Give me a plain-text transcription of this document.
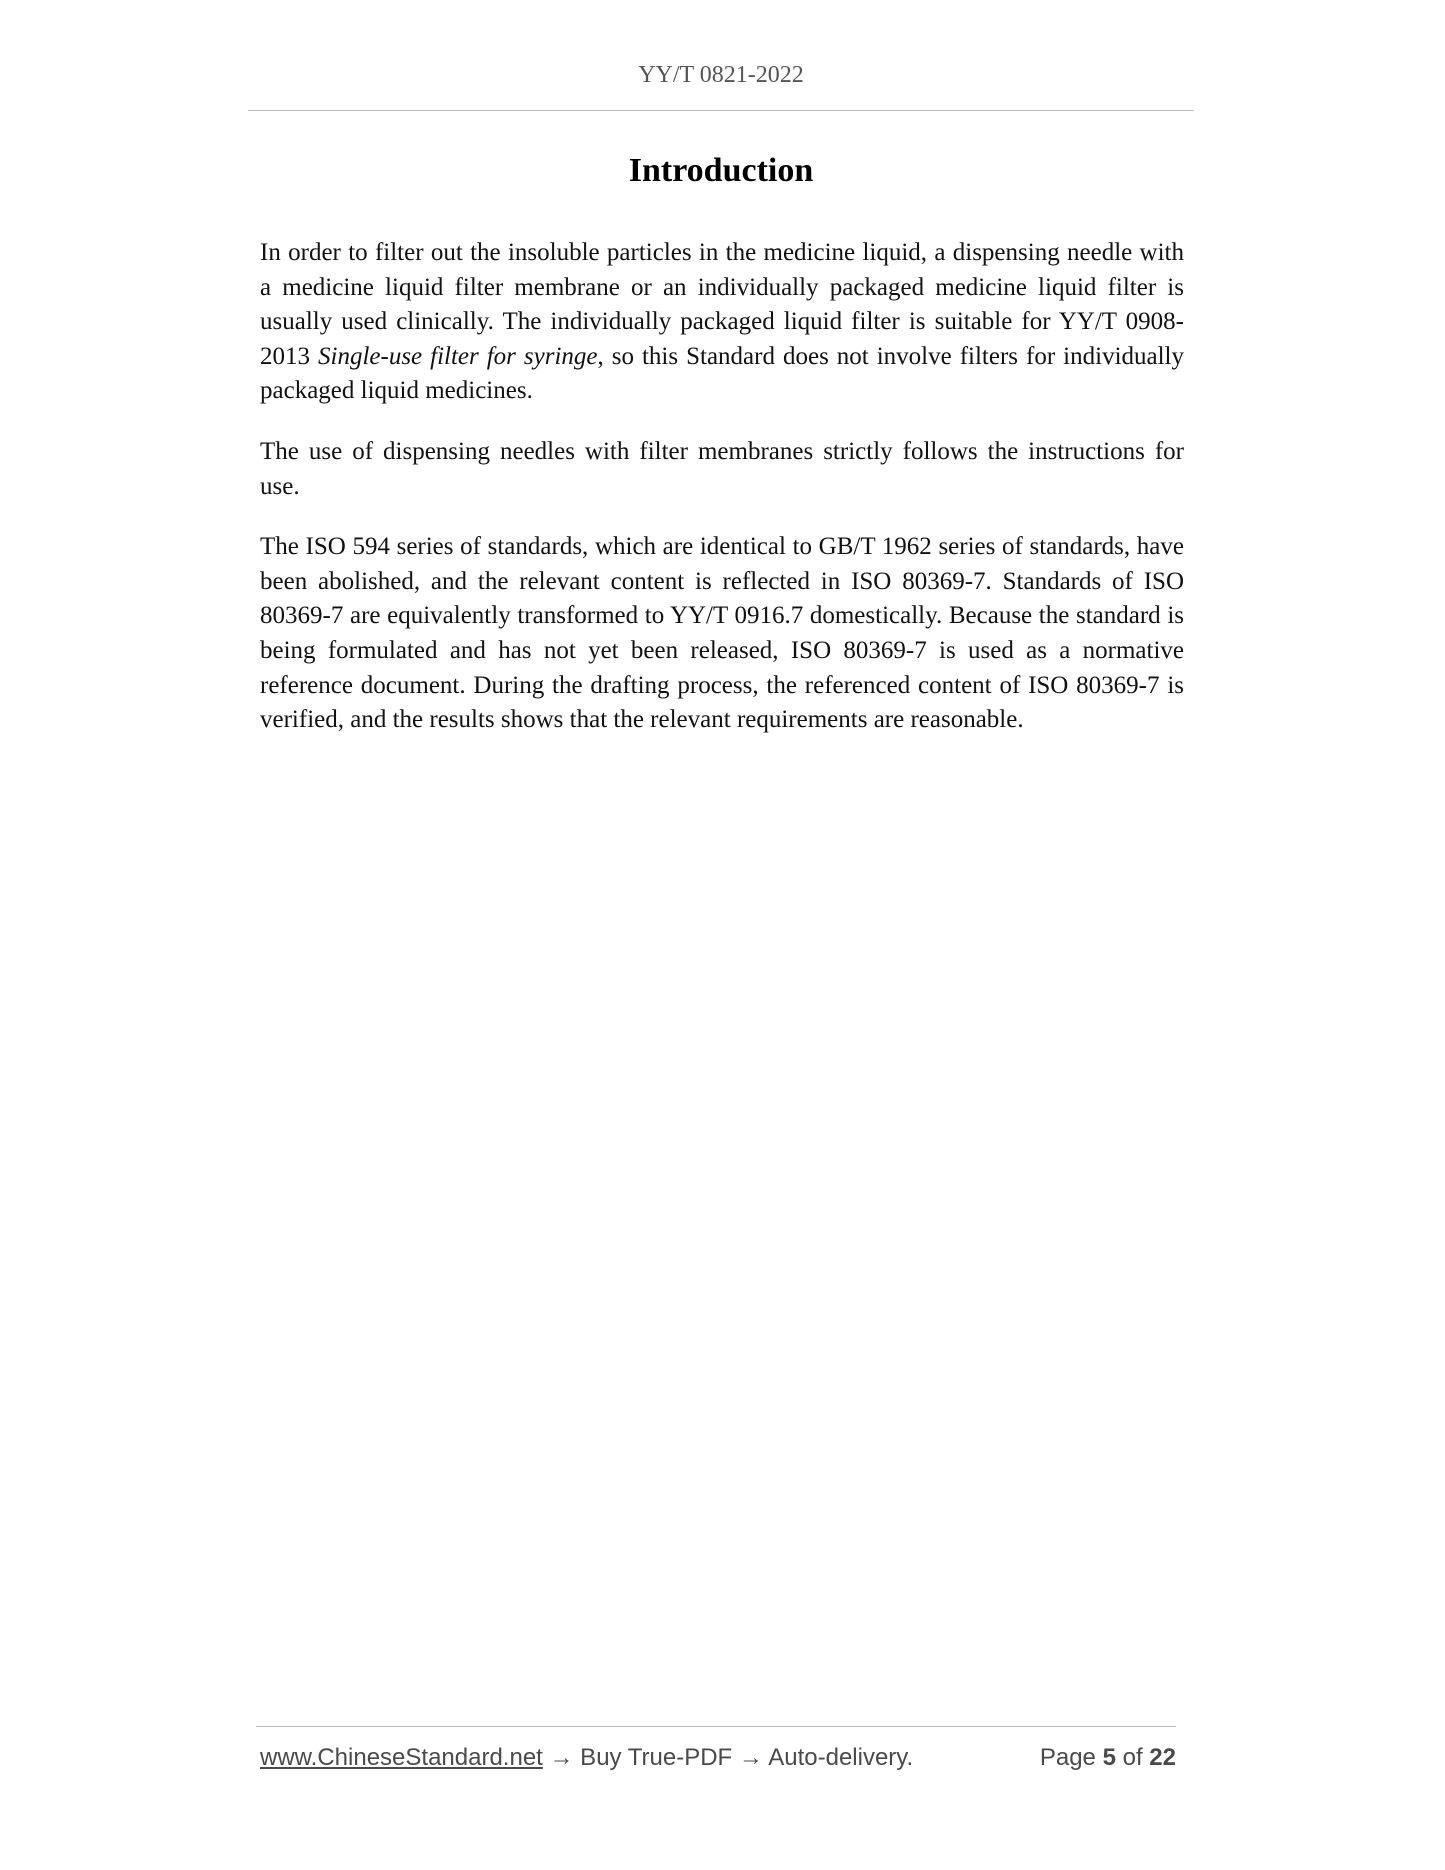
YY/T 0821-2022
Introduction

In order to filter out the insoluble particles in the medicine liquid, a dispensing needle with a medicine liquid filter membrane or an individually packaged medicine liquid filter is usually used clinically. The individually packaged liquid filter is suitable for YY/T 0908-2013 Single-use filter for syringe, so this Standard does not involve filters for individually packaged liquid medicines.

The use of dispensing needles with filter membranes strictly follows the instructions for use.

The ISO 594 series of standards, which are identical to GB/T 1962 series of standards, have been abolished, and the relevant content is reflected in ISO 80369-7. Standards of ISO 80369-7 are equivalently transformed to YY/T 0916.7 domestically. Because the standard is being formulated and has not yet been released, ISO 80369-7 is used as a normative reference document. During the drafting process, the referenced content of ISO 80369-7 is verified, and the results shows that the relevant requirements are reasonable.

www.ChineseStandard.net → Buy True-PDF → Auto-delivery.	Page 5 of 22
